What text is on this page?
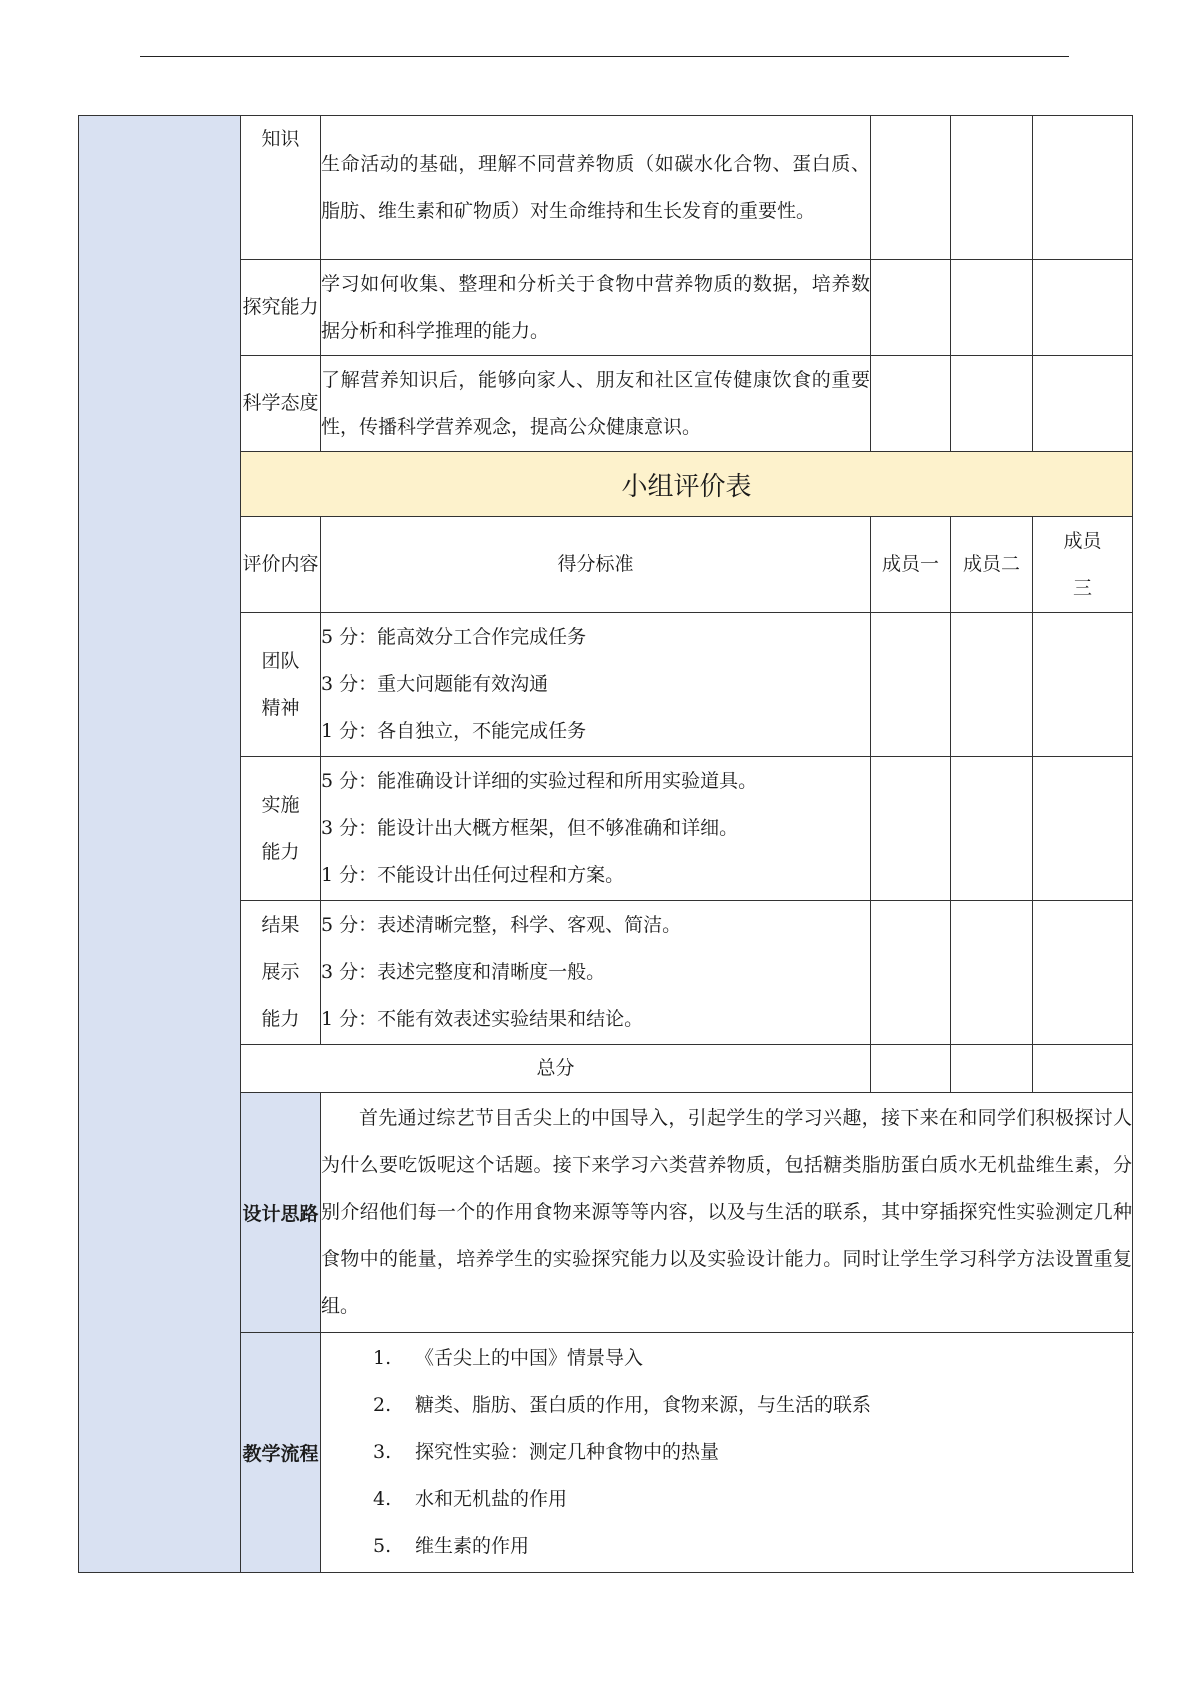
	知识	生命活动的基础，理解不同营养物质（如碳水化合物、蛋白质、脂肪、维生素和矿物质）对生命维持和生长发育的重要性。			
	探究能力	学习如何收集、整理和分析关于食物中营养物质的数据，培养数据分析和科学推理的能力。			
	科学态度	了解营养知识后，能够向家人、朋友和社区宣传健康饮食的重要性，传播科学营养观念，提高公众健康意识。			
	小组评价表				
	评价内容	得分标准	成员一	成员二	成员三
	团队精神	5 分：能高效分工合作完成任务
3 分：重大问题能有效沟通
1 分：各自独立，不能完成任务			

	实施能力	5 分：能准确设计详细的实验过程和所用实验道具。
3 分：能设计出大概方框架，但不够准确和详细。
1 分：不能设计出任何过程和方案。			

	结果展示能力	5 分：表述清晰完整，科学、客观、简洁。
3 分：表述完整度和清晰度一般。
1 分：不能有效表述实验结果和结论。			

	总分				
	设计思路	首先通过综艺节目舌尖上的中国导入，引起学生的学习兴趣，接下来在和同学们积极探讨人为什么要吃饭呢这个话题。接下来学习六类营养物质，包括糖类脂肪蛋白质水无机盐维生素，分别介绍他们每一个的作用食物来源等等内容，以及与生活的联系，其中穿插探究性实验测定几种食物中的能量，培养学生的实验探究能力以及实验设计能力。同时让学生学习科学方法设置重复组。			
	教学流程	1. 《舌尖上的中国》情景导入
2. 糖类、脂肪、蛋白质的作用，食物来源，与生活的联系
3. 探究性实验：测定几种食物中的热量
4. 水和无机盐的作用
5. 维生素的作用			
